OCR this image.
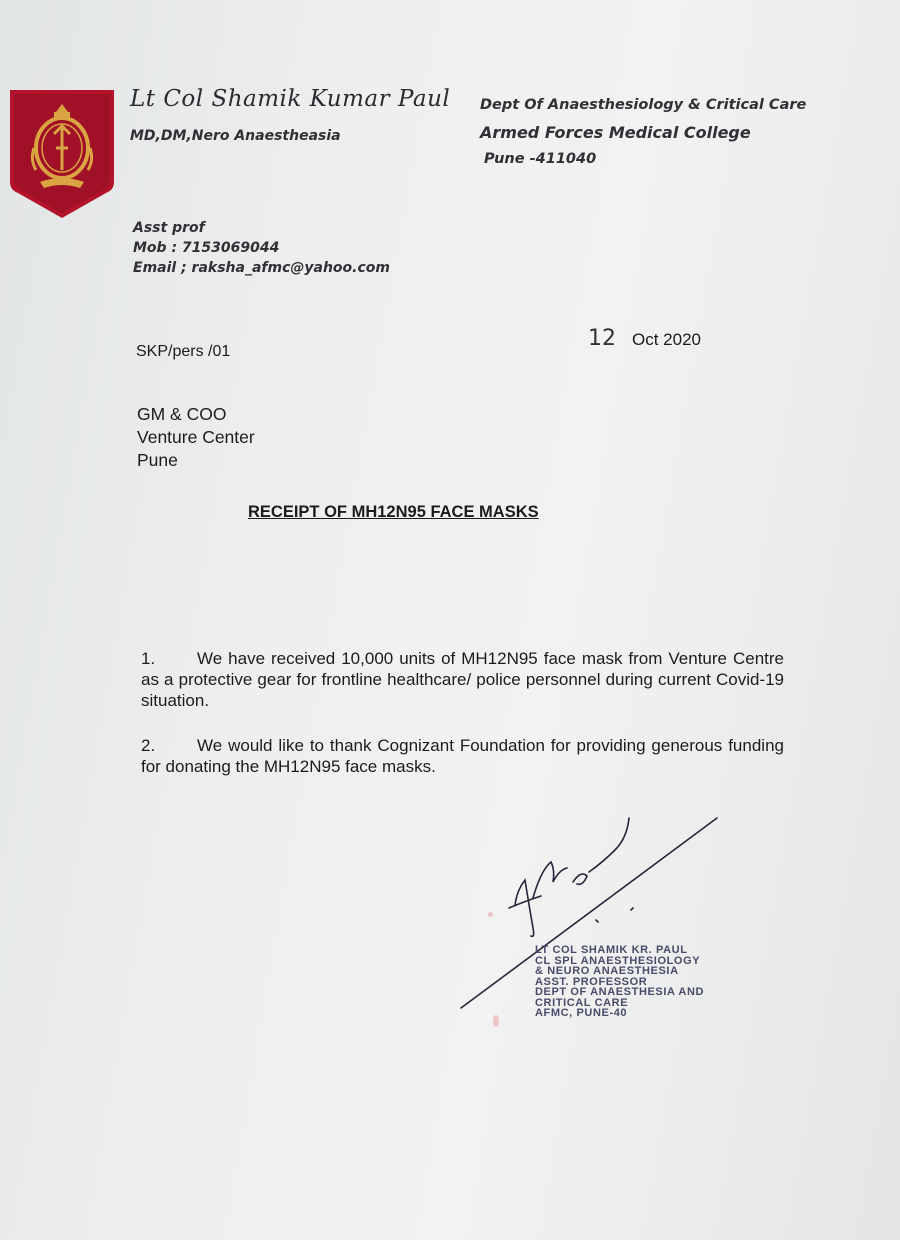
Lt Col Shamik Kumar Paul
MD,DM,Nero Anaestheasia
Dept Of Anaesthesiology & Critical Care
Armed Forces Medical College
Pune -411040
Asst prof
Mob : 7153069044
Email ; raksha_afmc@yahoo.com
SKP/pers /01
12 Oct 2020
GM & COO
Venture Center
Pune
RECEIPT OF MH12N95 FACE MASKS
1. We have received 10,000 units of MH12N95 face mask from Venture Centre as a protective gear for frontline healthcare/ police personnel during current Covid-19 situation.
2. We would like to thank Cognizant Foundation for providing generous funding for donating the MH12N95 face masks.
LT COL SHAMIK KR. PAUL
CL SPL ANAESTHESIOLOGY
& NEURO ANAESTHESIA
ASST. PROFESSOR
DEPT OF ANAESTHESIA AND
CRITICAL CARE
AFMC, PUNE-40
